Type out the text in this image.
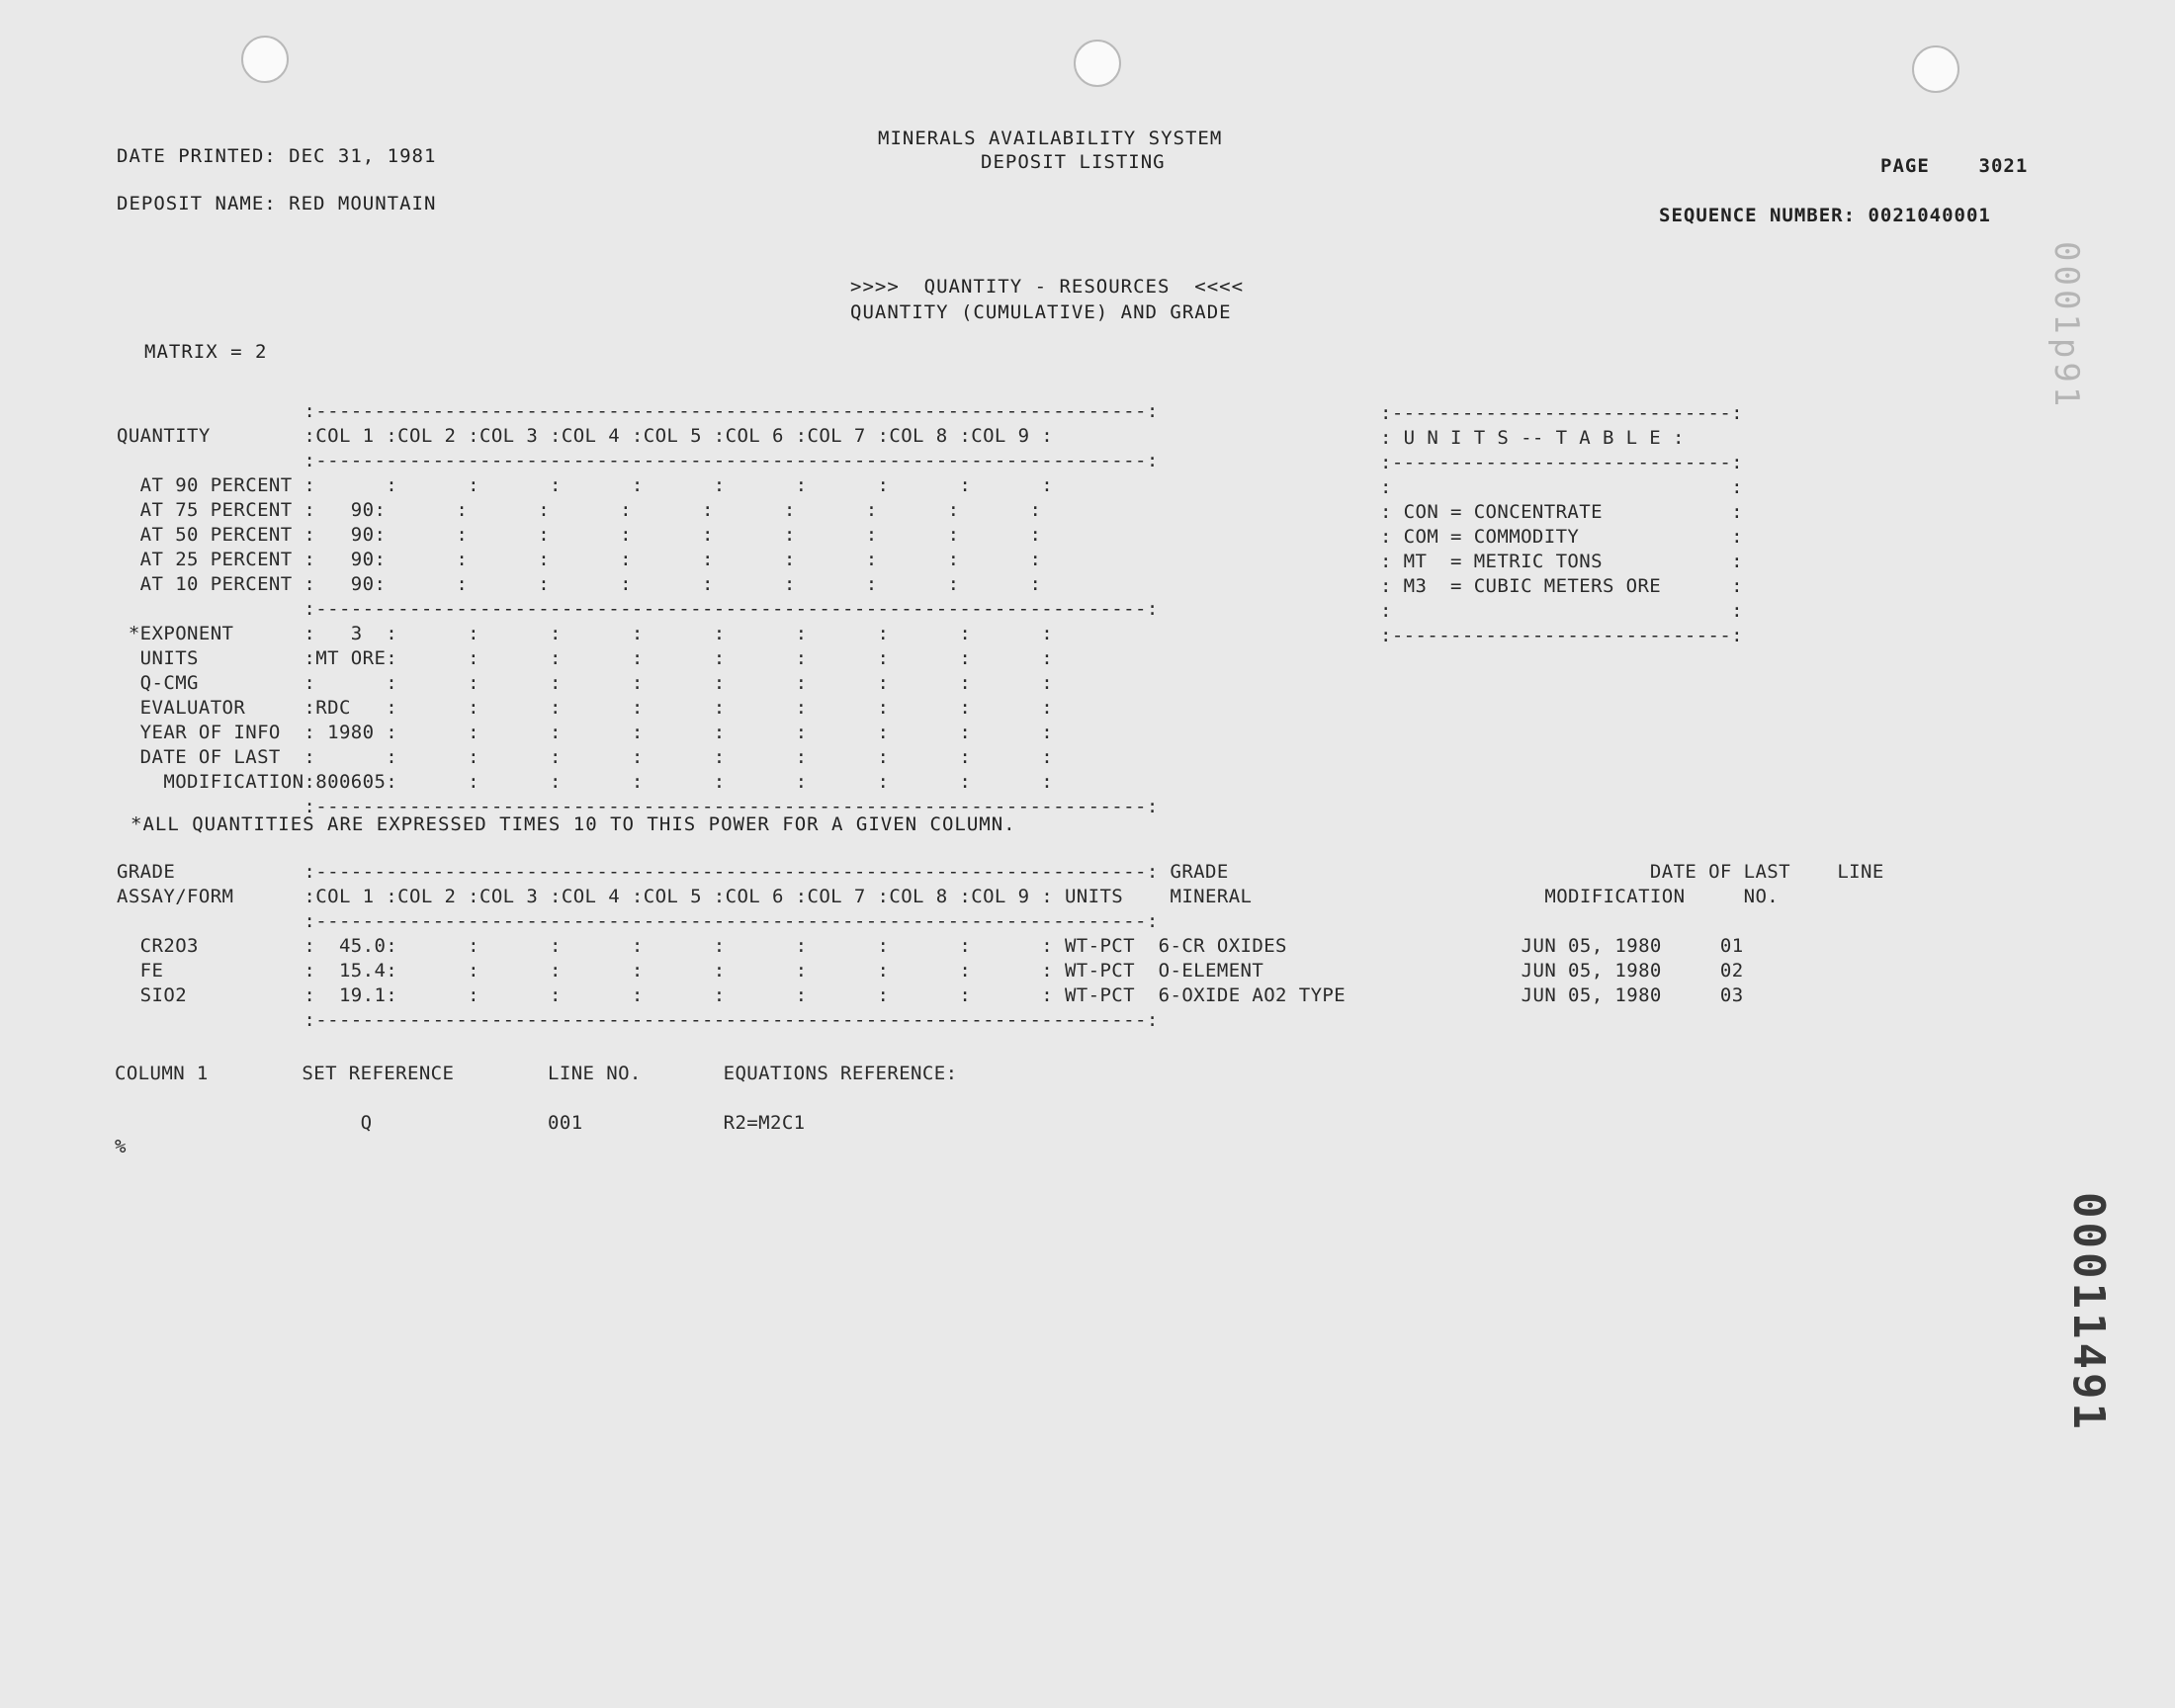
MINERALS AVAILABILITY SYSTEM
DEPOSIT LISTING
DATE PRINTED: DEC 31, 1981
DEPOSIT NAME: RED MOUNTAIN
PAGE    3021
SEQUENCE NUMBER: 0021040001
>>>>  QUANTITY - RESOURCES  <<<<
QUANTITY (CUMULATIVE) AND GRADE
MATRIX = 2
:-----------------------------------------------------------------------:
QUANTITY        :COL 1 :COL 2 :COL 3 :COL 4 :COL 5 :COL 6 :COL 7 :COL 8 :COL 9 :
:-----------------------------------------------------------------------:
AT 90 PERCENT :      :      :      :      :      :      :      :      :      :
AT 75 PERCENT :   90:      :      :      :      :      :      :      :      :
AT 50 PERCENT :   90:      :      :      :      :      :      :      :      :
AT 25 PERCENT :   90:      :      :      :      :      :      :      :      :
AT 10 PERCENT :   90:      :      :      :      :      :      :      :      :
:-----------------------------------------------------------------------:
*EXPONENT      :   3  :      :      :      :      :      :      :      :      :
UNITS         :MT ORE:      :      :      :      :      :      :      :      :
Q-CMG         :      :      :      :      :      :      :      :      :      :
EVALUATOR     :RDC   :      :      :      :      :      :      :      :      :
YEAR OF INFO  : 1980 :      :      :      :      :      :      :      :      :
DATE OF LAST  :      :      :      :      :      :      :      :      :      :
MODIFICATION:800605:      :      :      :      :      :      :      :      :
:-----------------------------------------------------------------------:
*ALL QUANTITIES ARE EXPRESSED TIMES 10 TO THIS POWER FOR A GIVEN COLUMN.
:-----------------------------:
: U N I T S -- T A B L E :
:-----------------------------:
:                             :
: CON = CONCENTRATE           :
: COM = COMMODITY             :
: MT  = METRIC TONS           :
: M3  = CUBIC METERS ORE      :
:                             :
:-----------------------------:
GRADE           :-----------------------------------------------------------------------: GRADE                                    DATE OF LAST    LINE
ASSAY/FORM      :COL 1 :COL 2 :COL 3 :COL 4 :COL 5 :COL 6 :COL 7 :COL 8 :COL 9 : UNITS    MINERAL                         MODIFICATION     NO.
:-----------------------------------------------------------------------:
CR2O3         :  45.0:      :      :      :      :      :      :      :      : WT-PCT  6-CR OXIDES                    JUN 05, 1980     01
FE            :  15.4:      :      :      :      :      :      :      :      : WT-PCT  O-ELEMENT                      JUN 05, 1980     02
SIO2          :  19.1:      :      :      :      :      :      :      :      : WT-PCT  6-OXIDE AO2 TYPE               JUN 05, 1980     03
:-----------------------------------------------------------------------:
COLUMN 1        SET REFERENCE        LINE NO.       EQUATIONS REFERENCE:
Q               001            R2=M2C1
%
00011491
0001p91
